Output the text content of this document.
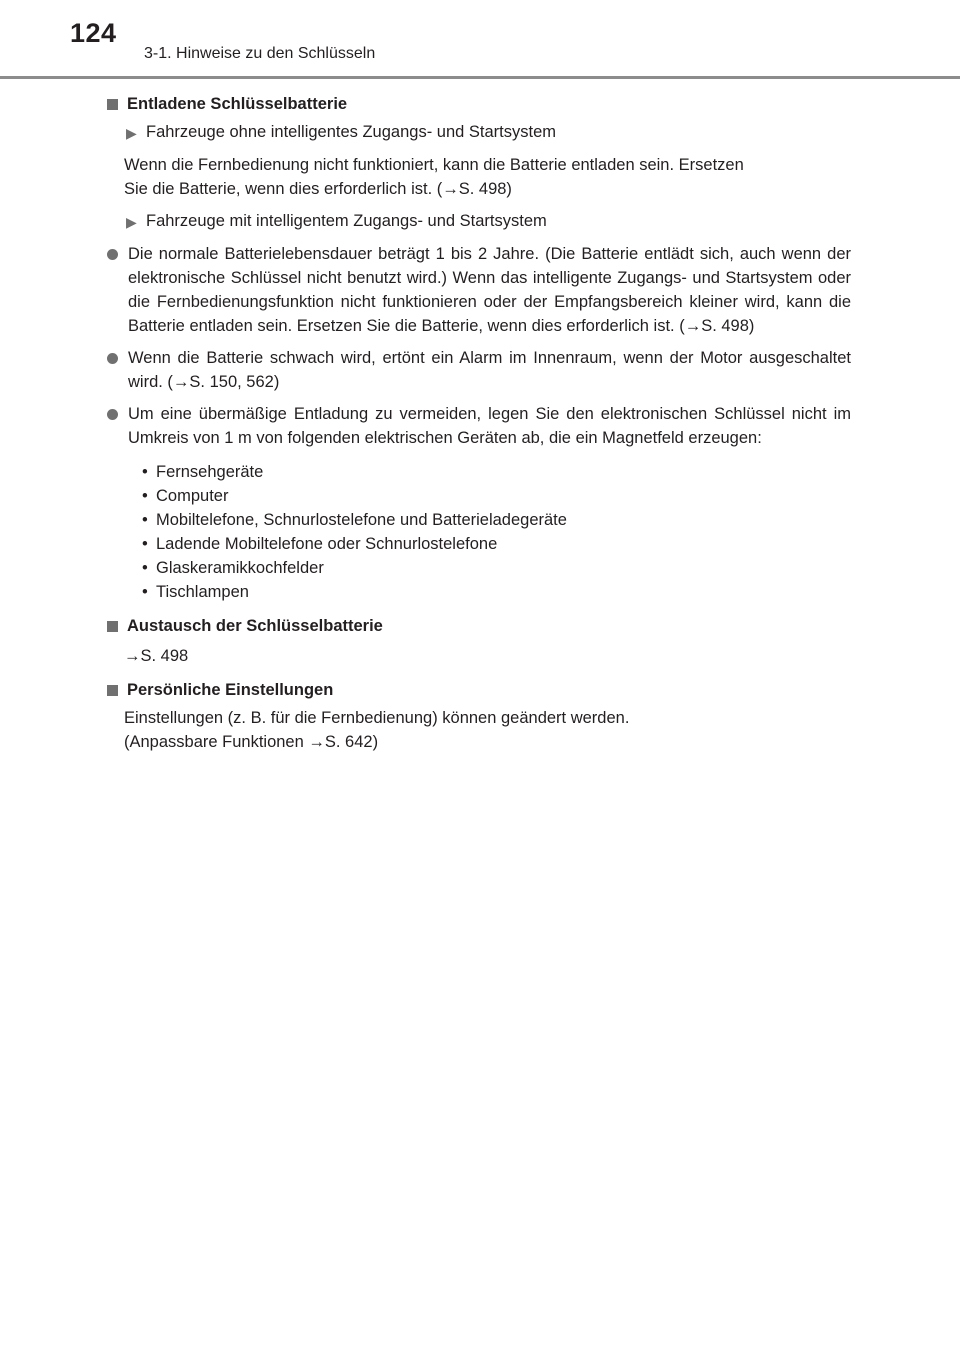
124
3-1. Hinweise zu den Schlüsseln
Entladene Schlüsselbatterie
▶ Fahrzeuge ohne intelligentes Zugangs- und Startsystem

Wenn die Fernbedienung nicht funktioniert, kann die Batterie entladen sein. Ersetzen

Sie die Batterie, wenn dies erforderlich ist. (→S. 498)

▶ Fahrzeuge mit intelligentem Zugangs- und Startsystem
Die normale Batterielebensdauer beträgt 1 bis 2 Jahre. (Die Batterie entlädt sich, auch wenn der elektronische Schlüssel nicht benutzt wird.) Wenn das intelligente Zugangs- und Startsystem oder die Fernbedienungsfunktion nicht funktionieren oder der Empfangsbereich kleiner wird, kann die Batterie entladen sein. Ersetzen Sie die Batterie, wenn dies erforderlich ist. (→S. 498)
Wenn die Batterie schwach wird, ertönt ein Alarm im Innenraum, wenn der Motor ausgeschaltet wird. (→S. 150, 562)
Um eine übermäßige Entladung zu vermeiden, legen Sie den elektronischen Schlüssel nicht im Umkreis von 1 m von folgenden elektrischen Geräten ab, die ein Magnetfeld erzeugen:
• Fernsehgeräte
• Computer
• Mobiltelefone, Schnurlostelefone und Batterieladegeräte
• Ladende Mobiltelefone oder Schnurlostelefone
• Glaskeramikkochfelder
• Tischlampen
Austausch der Schlüsselbatterie
→S. 498
Persönliche Einstellungen

Einstellungen (z. B. für die Fernbedienung) können geändert werden.

(Anpassbare Funktionen →S. 642)
